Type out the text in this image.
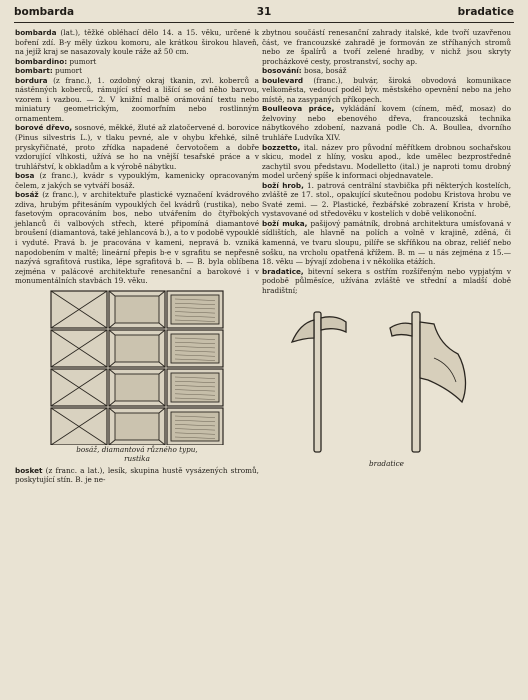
bombarda	31	bradatice

bombarda (lat.), těžké obléhací dělo 14. a 15. věku, určené k boření zdí. B-y měly úzkou komoru, ale krátkou širokou hlaveň, na jejíž kraj se nasazovaly koule ráže až 50 cm.

bombardino: pumort

bombart: pumort

bordura (z franc.), 1. ozdobný okraj tkanin, zvl. koberců a nástěnných koberců, rámující střed a lišící se od něho barvou, vzorem i vazbou. — 2. V knižní malbě orámování textu nebo miniatury geometrickým, zoomorfním nebo rostlinným ornamentem.

borové dřevo, sosnové, měkké, žluté až zlatočervené d. borovice (Pinus silvestris L.), v tlaku pevné, ale v ohybu křehké, silně pryskyřičnaté, proto zřídka napadené červotočem a dobře vzdorující vlhkosti, užívá se ho na vnější tesařské práce a v truhlářství, k obkladům a k výrobě nábytku.

bosa (z franc.), kvádr s vypouklým, kamenicky opracovaným čelem, z jakých se vytváří bosáž.

bosáž (z franc.), v architektuře plastické vyznačení kvádrového zdiva, hrubým přitesáním vypouklých čel kvádrů (rustika), nebo fasetovým opracováním bos, nebo utvářením do čtyřbokých jehlanců či valbových střech, které připomíná diamantové broušení (diamantová, také jehlancová b.), a to v podobě vypouklé i vyduté. Pravá b. je pracována v kameni, nepravá b. vzniká napodobením v maltě; lineární přepis b-e v sgrafitu se nepřesně nazývá sgrafitová rustika, lépe sgrafitová b. — B. byla oblíbena zejména v palácové architektuře renesanční a barokové i v monumentálních stavbách 19. věku.

bosáž, diamantová různého typu,
rustika

bosket (z franc. a lat.), lesík, skupina hustě vysázených stromů, poskytující stín. B. je ne-

zbytnou součástí renesanční zahrady italské, kde tvoří uzavřenou část, ve francouzské zahradě je formován ze stříhaných stromů nebo ze špalírů a tvoří zelené hradby, v nichž jsou skryty procházkové cesty, prostranství, sochy ap.

bosování: bosa, bosáž

boulevard (franc.), bulvár, široká obvodová komunikace velkoměsta, vedoucí podél býv. městského opevnění nebo na jeho místě, na zasypaných příkopech.

Boulleova práce, vykládání kovem (cínem, měď, mosaz) do želvoviny nebo ebenového dřeva, francouzská technika nábytkového zdobení, nazvaná podle Ch. A. Boullea, dvorního truhláře Ludvíka XIV.

bozzetto, ital. název pro původní měřítkem drobnou sochařskou skicu, model z hlíny, vosku apod., kde umělec bezprostředně zachytil svou představu. Modelletto (ital.) je naproti tomu drobný model určený spíše k informaci objednavatele.

boží hrob, 1. patrová centrální stavbička při některých kostelích, zvláště ze 17. stol., opakující skutečnou podobu Kristova hrobu ve Svaté zemi. — 2. Plastické, řezbářské zobrazení Krista v hrobě, vystavované od středověku v kostelích v době velikonoční.

boží muka, pašijový památník, drobná architektura umísťovaná v sídlištích, ale hlavně na polích a volně v krajině, zděná, či kamenná, ve tvaru sloupu, pilíře se skříňkou na obraz, reliéf nebo sošku, na vrcholu opatřená křížem. B. m — u nás zejména z 15.—18. věku — bývají zdobena i v několika etážích.

bradatice, bitevní sekera s ostřím rozšířeným nebo vypjatým v podobě půlměsíce, užívána zvláště ve střední a mladší době hradištní;

bradatice
